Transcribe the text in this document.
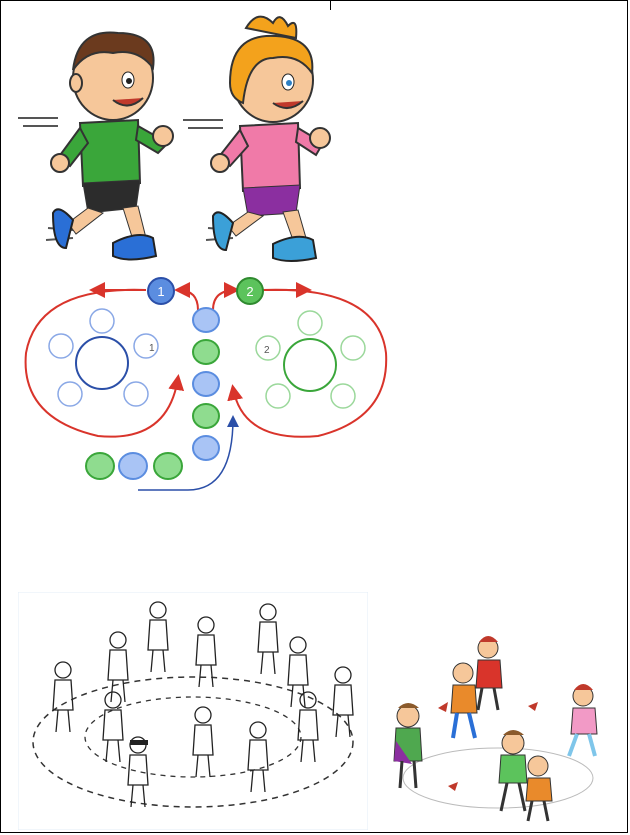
1	2
1	2
